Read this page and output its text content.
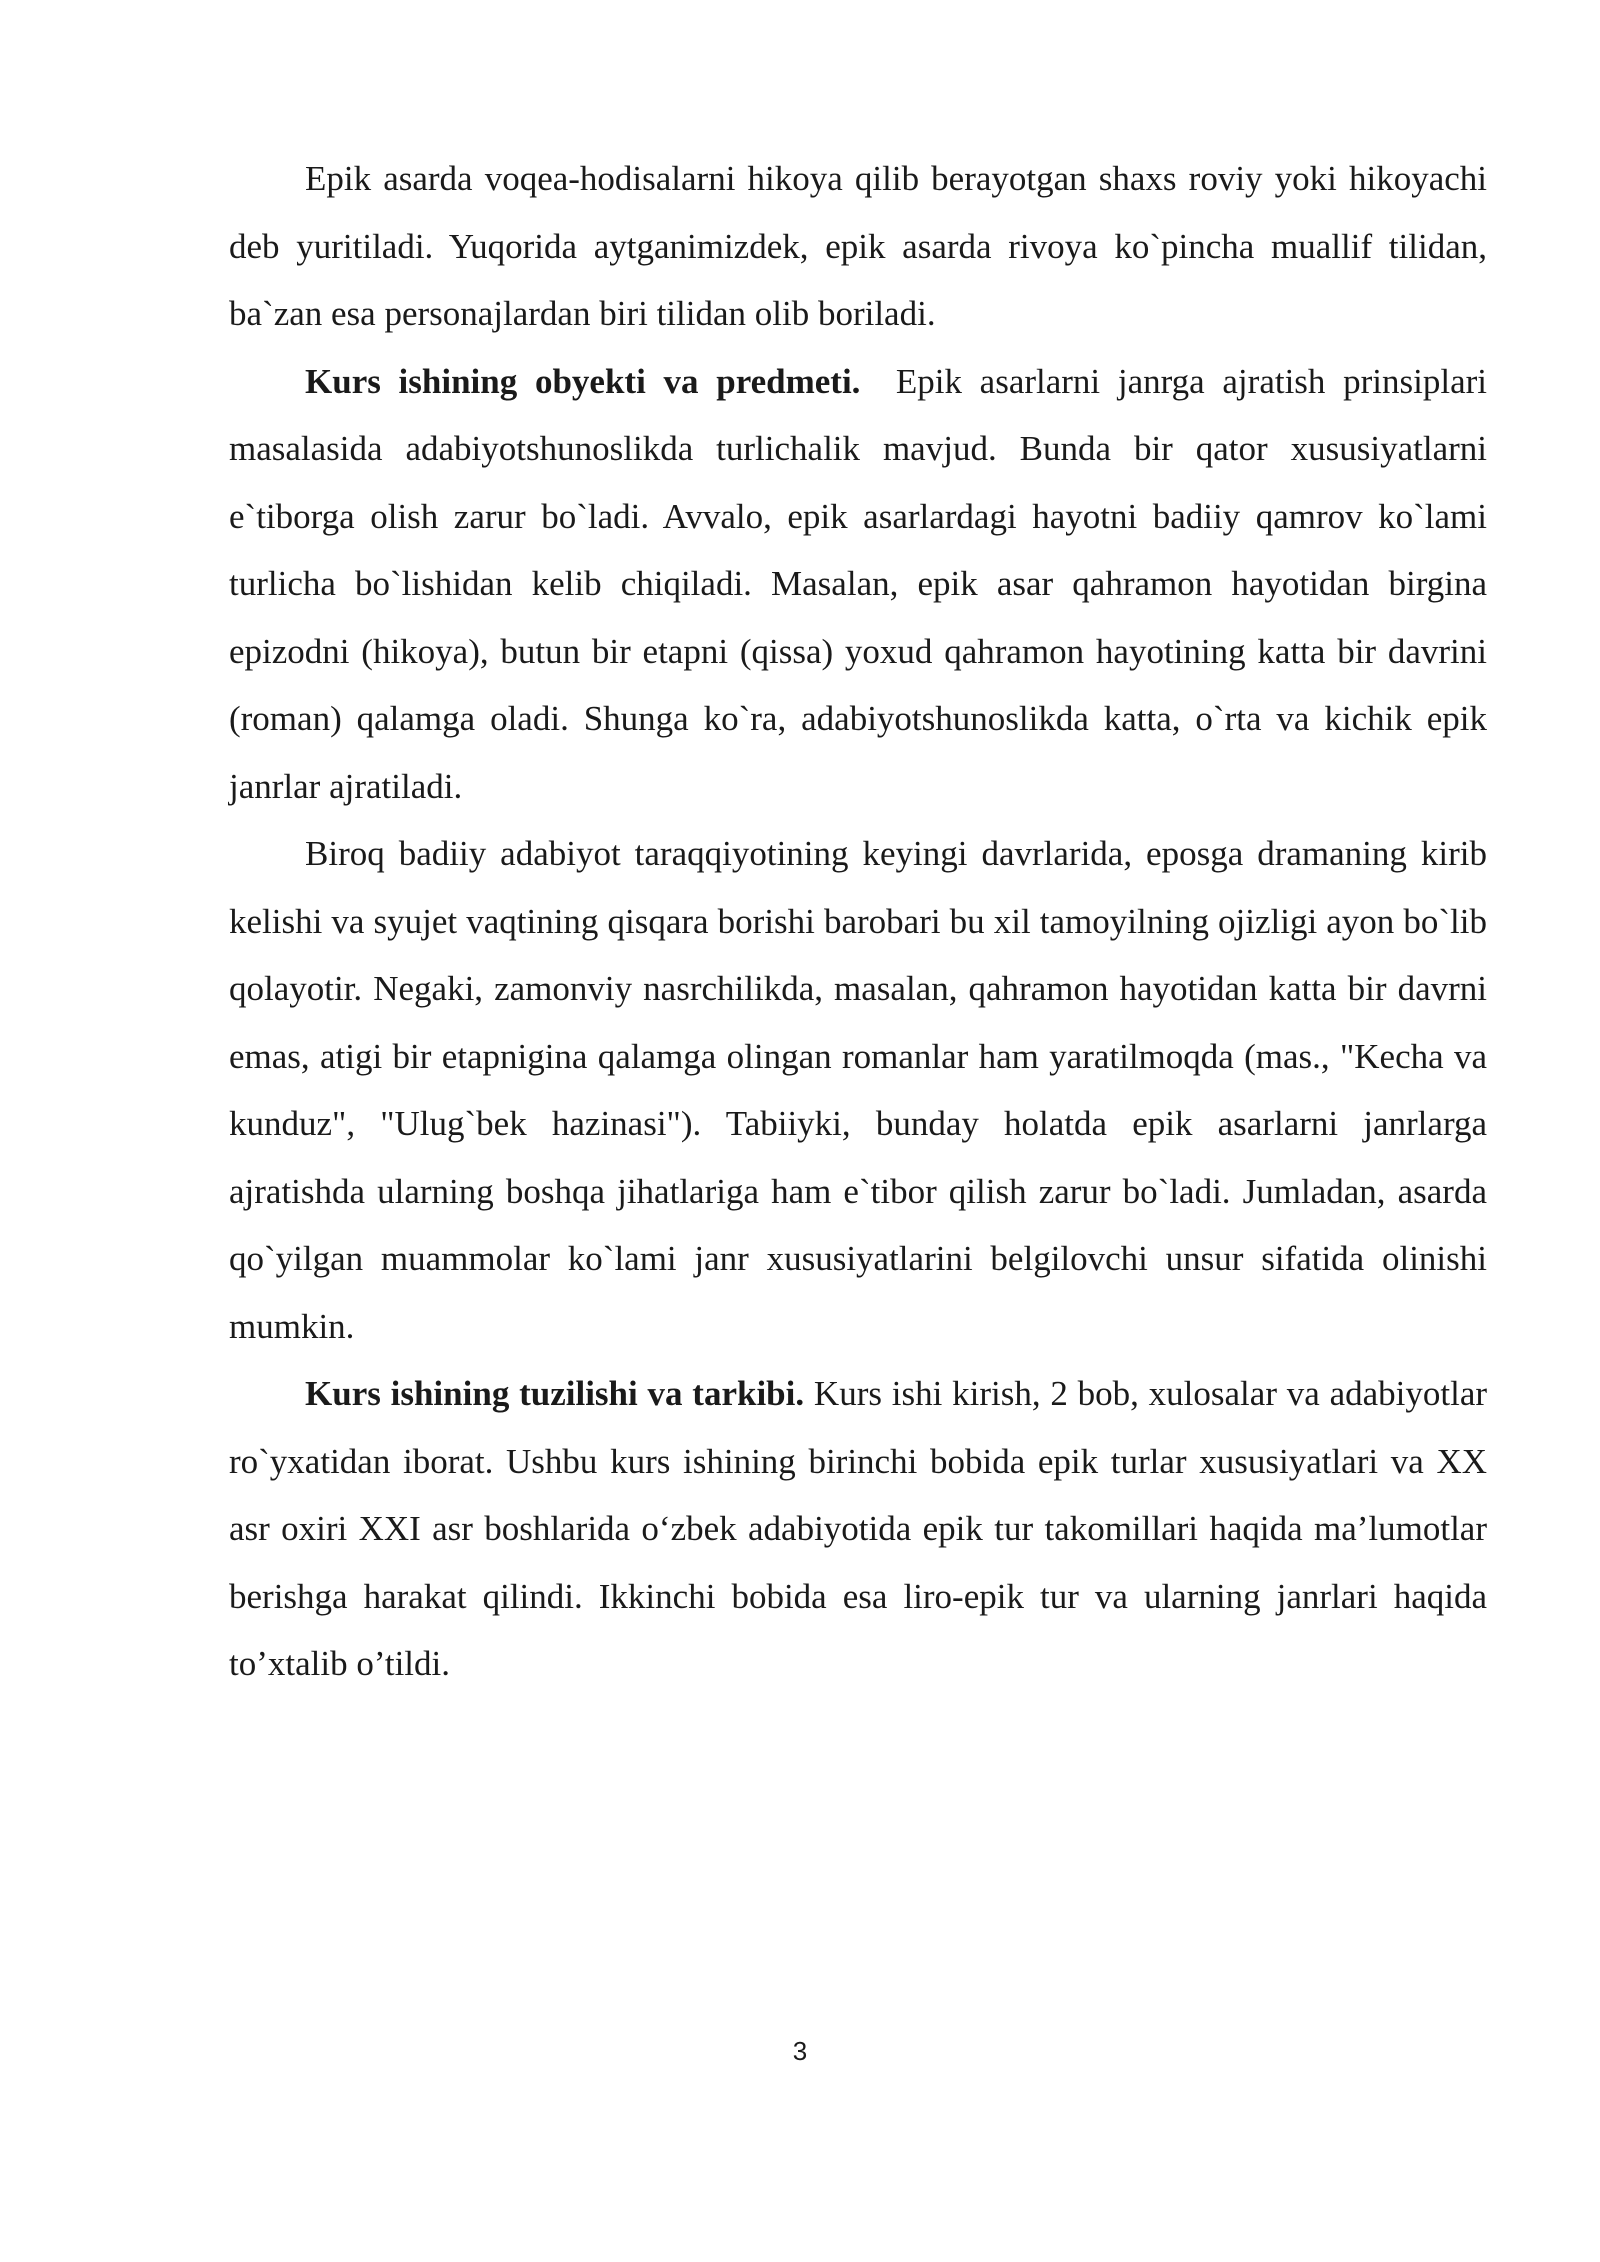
Epik asarda voqea-hodisalarni hikoya qilib berayotgan shaxs roviy yoki hikoyachi deb yuritiladi. Yuqorida aytganimizdek, epik asarda rivoya ko`pincha muallif tilidan, ba`zan esa personajlardan biri tilidan olib boriladi.

Kurs ishining obyekti va predmeti. Epik asarlarni janrga ajratish prinsiplari masalasida adabiyotshunoslikda turlichalik mavjud. Bunda bir qator xususiyatlarni e`tiborga olish zarur bo`ladi. Avvalo, epik asarlardagi hayotni badiiy qamrov ko`lami turlicha bo`lishidan kelib chiqiladi. Masalan, epik asar qahramon hayotidan birgina epizodni (hikoya), butun bir etapni (qissa) yoxud qahramon hayotining katta bir davrini (roman) qalamga oladi. Shunga ko`ra, adabiyotshunoslikda katta, o`rta va kichik epik janrlar ajratiladi.

Biroq badiiy adabiyot taraqqiyotining keyingi davrlarida, eposga dramaning kirib kelishi va syujet vaqtining qisqara borishi barobari bu xil tamoyilning ojizligi ayon bo`lib qolayotir. Negaki, zamonviy nasrchilikda, masalan, qahramon hayotidan katta bir davrni emas, atigi bir etapnigina qalamga olingan romanlar ham yaratilmoqda (mas., "Kecha va kunduz", "Ulug`bek hazinasi"). Tabiiyki, bunday holatda epik asarlarni janrlarga ajratishda ularning boshqa jihatlariga ham e`tibor qilish zarur bo`ladi. Jumladan, asarda qo`yilgan muammolar ko`lami janr xususiyatlarini belgilovchi unsur sifatida olinishi mumkin.

Kurs ishining tuzilishi va tarkibi. Kurs ishi kirish, 2 bob, xulosalar va adabiyotlar ro`yxatidan iborat. Ushbu kurs ishining birinchi bobida epik turlar xususiyatlari va XX asr oxiri XXI asr boshlarida o‘zbek adabiyotida epik tur takomillari haqida ma’lumotlar berishga harakat qilindi. Ikkinchi bobida esa liro-epik tur va ularning janrlari haqida to’xtalib o’tildi.

3
